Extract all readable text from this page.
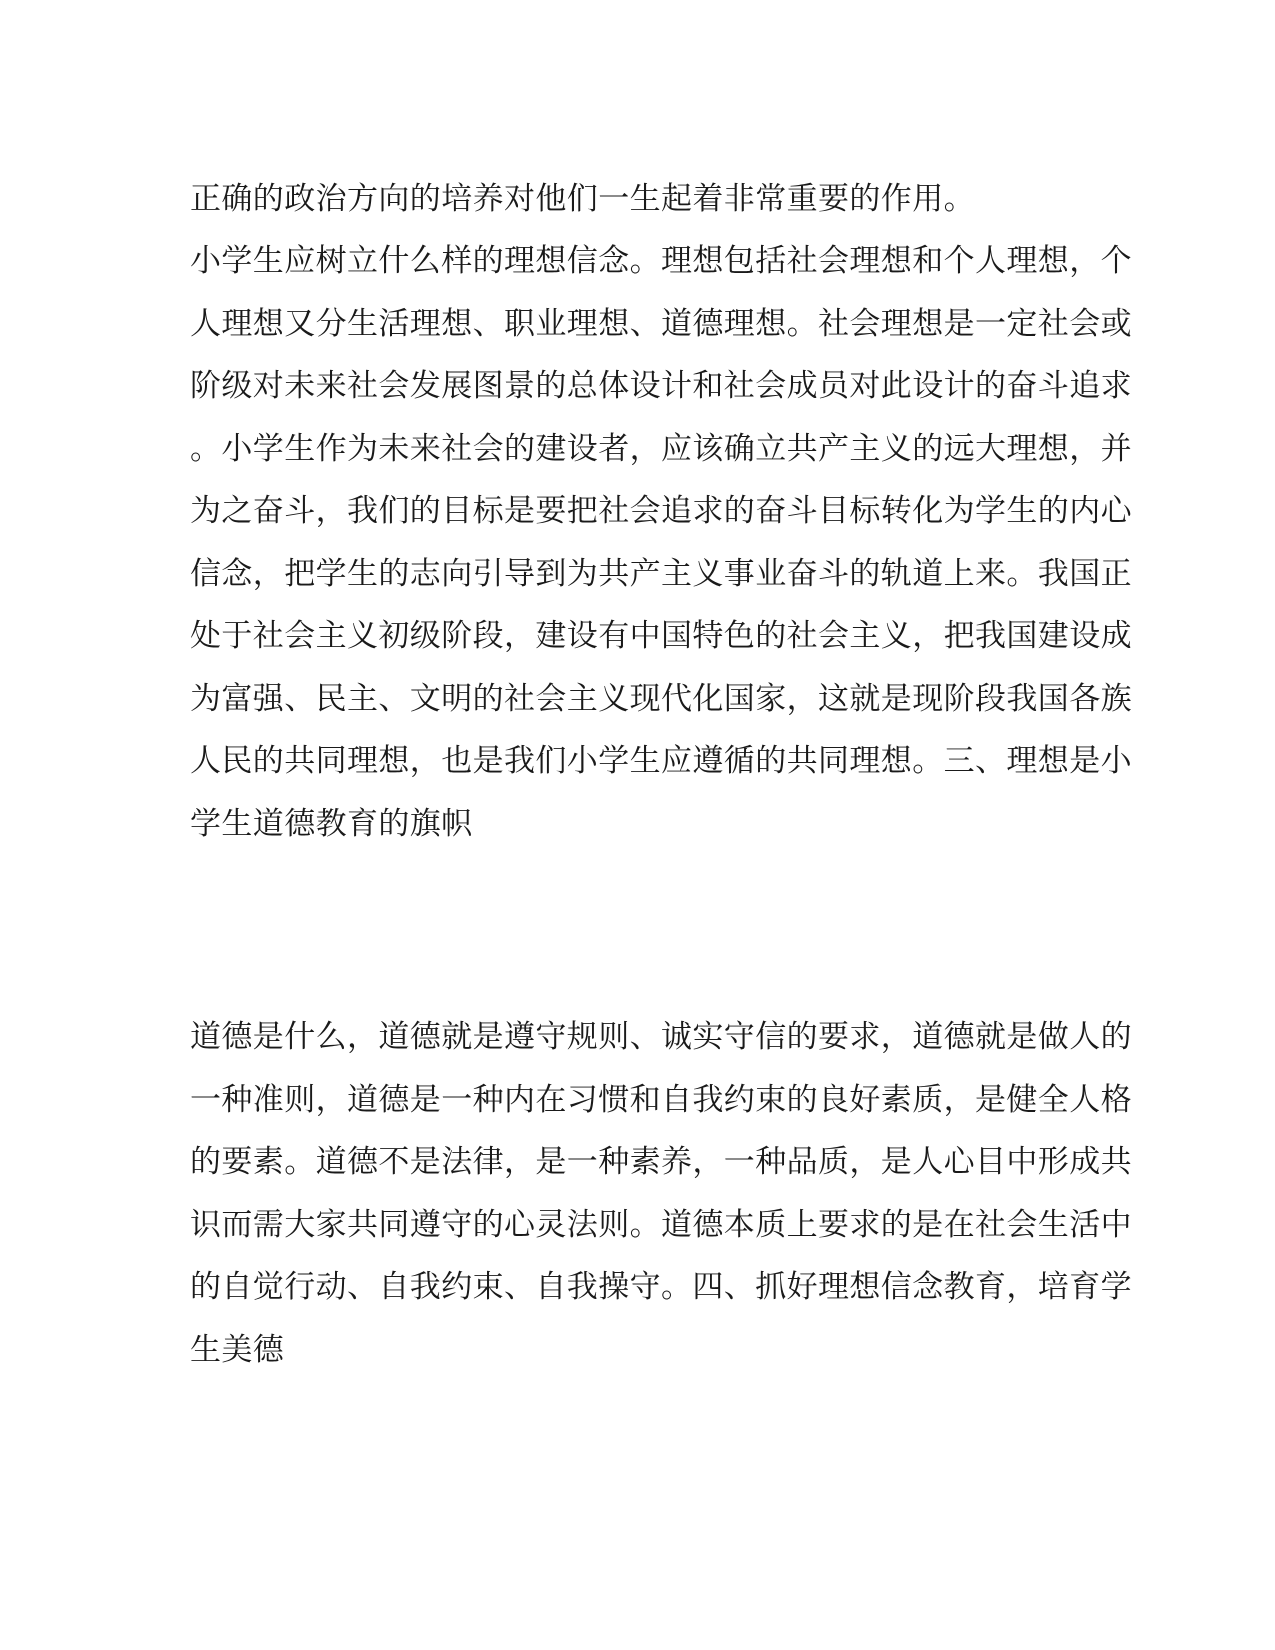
正确的政治方向的培养对他们一生起着非常重要的作用。
小学生应树立什么样的理想信念。理想包括社会理想和个人理想，个
人理想又分生活理想、职业理想、道德理想。社会理想是一定社会或
阶级对未来社会发展图景的总体设计和社会成员对此设计的奋斗追求
。小学生作为未来社会的建设者，应该确立共产主义的远大理想，并
为之奋斗，我们的目标是要把社会追求的奋斗目标转化为学生的内心
信念，把学生的志向引导到为共产主义事业奋斗的轨道上来。我国正
处于社会主义初级阶段，建设有中国特色的社会主义，把我国建设成
为富强、民主、文明的社会主义现代化国家，这就是现阶段我国各族
人民的共同理想，也是我们小学生应遵循的共同理想。三、理想是小
学生道德教育的旗帜
道德是什么，道德就是遵守规则、诚实守信的要求，道德就是做人的
一种准则，道德是一种内在习惯和自我约束的良好素质，是健全人格
的要素。道德不是法律，是一种素养，一种品质，是人心目中形成共
识而需大家共同遵守的心灵法则。道德本质上要求的是在社会生活中
的自觉行动、自我约束、自我操守。四、抓好理想信念教育，培育学
生美德
